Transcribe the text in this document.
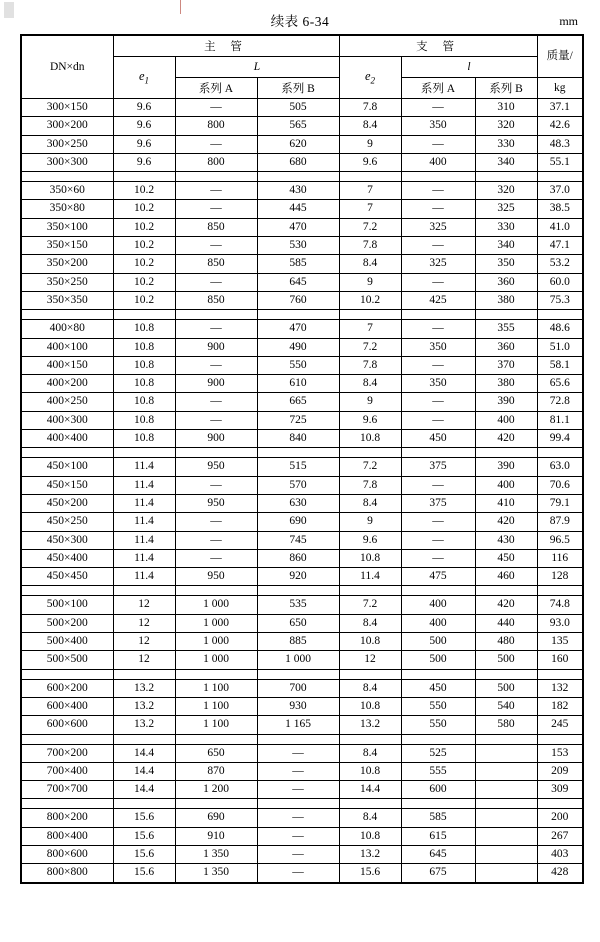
续表 6-34	mm
DN×dn	主 管			支 管			质量/
	$e_1$	L		$e_2$	l		
		系列 A	系列 B		系列 A	系列 B	kg
300×150	9.6	—	505	7.8	—	310	37.1
300×200	9.6	800	565	8.4	350	320	42.6
300×250	9.6	—	620	9	—	330	48.3
300×300	9.6	800	680	9.6	400	340	55.1

350×60	10.2	—	430	7	—	320	37.0
350×80	10.2	—	445	7	—	325	38.5
350×100	10.2	850	470	7.2	325	330	41.0
350×150	10.2	—	530	7.8	—	340	47.1
350×200	10.2	850	585	8.4	325	350	53.2
350×250	10.2	—	645	9	—	360	60.0
350×350	10.2	850	760	10.2	425	380	75.3

400×80	10.8	—	470	7	—	355	48.6
400×100	10.8	900	490	7.2	350	360	51.0
400×150	10.8	—	550	7.8	—	370	58.1
400×200	10.8	900	610	8.4	350	380	65.6
400×250	10.8	—	665	9	—	390	72.8
400×300	10.8	—	725	9.6	—	400	81.1
400×400	10.8	900	840	10.8	450	420	99.4

450×100	11.4	950	515	7.2	375	390	63.0
450×150	11.4	—	570	7.8	—	400	70.6
450×200	11.4	950	630	8.4	375	410	79.1
450×250	11.4	—	690	9	—	420	87.9
450×300	11.4	—	745	9.6	—	430	96.5
450×400	11.4	—	860	10.8	—	450	116
450×450	11.4	950	920	11.4	475	460	128

500×100	12	1 000	535	7.2	400	420	74.8
500×200	12	1 000	650	8.4	400	440	93.0
500×400	12	1 000	885	10.8	500	480	135
500×500	12	1 000	1 000	12	500	500	160

600×200	13.2	1 100	700	8.4	450	500	132
600×400	13.2	1 100	930	10.8	550	540	182
600×600	13.2	1 100	1 165	13.2	550	580	245

700×200	14.4	650	—	8.4	525		153
700×400	14.4	870	—	10.8	555		209
700×700	14.4	1 200	—	14.4	600		309

800×200	15.6	690	—	8.4	585		200
800×400	15.6	910	—	10.8	615		267
800×600	15.6	1 350	—	13.2	645		403
800×800	15.6	1 350	—	15.6	675		428
